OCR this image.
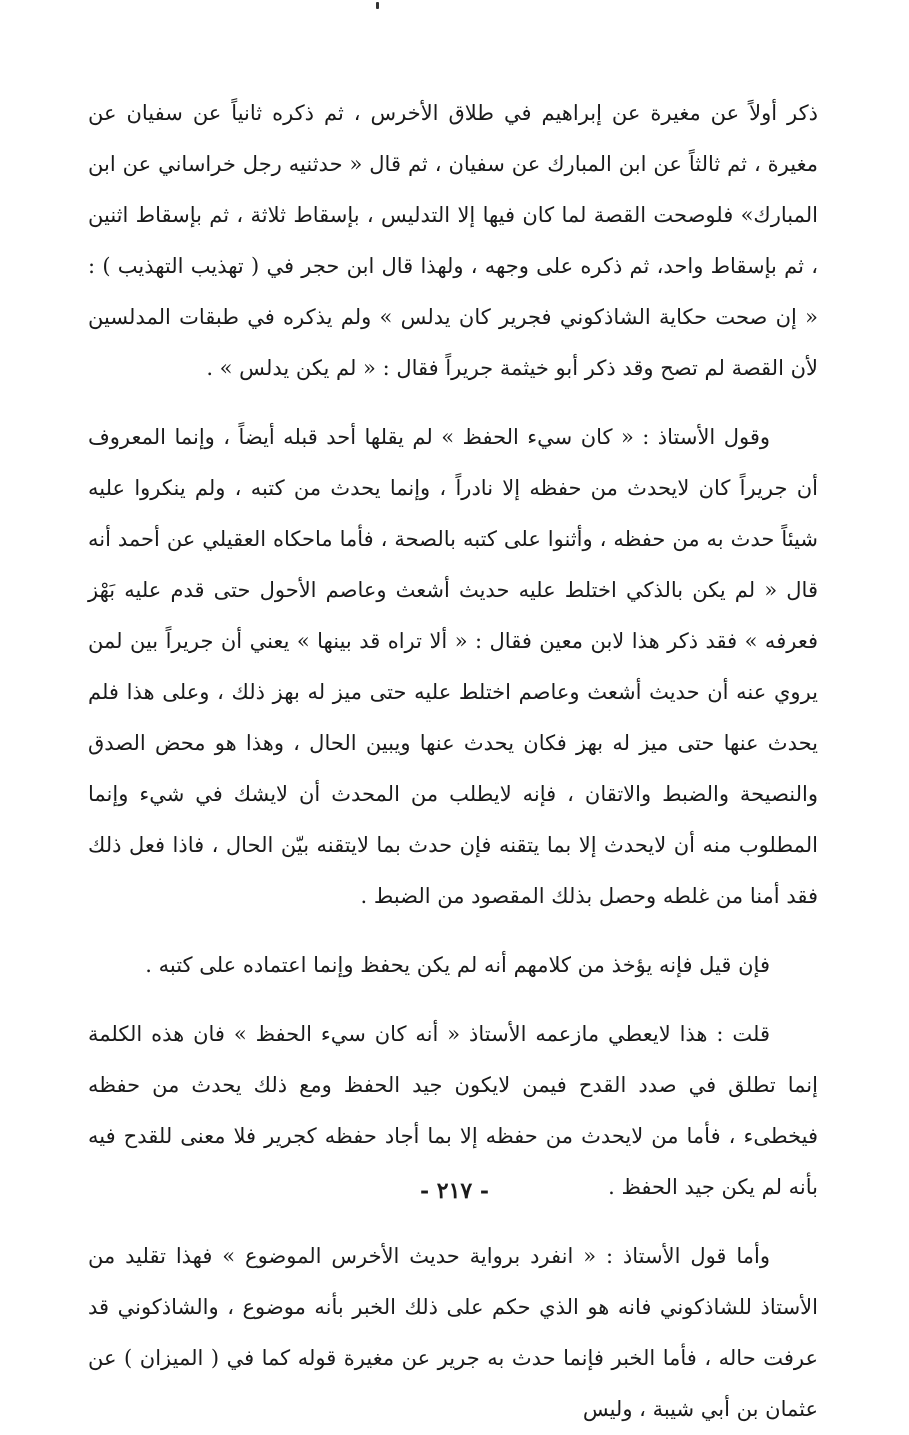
ذكر أولاً عن مغيرة عن إبراهيم في طلاق الأخرس ، ثم ذكره ثانياً عن سفيان عن مغيرة ، ثم ثالثاً عن ابن المبارك عن سفيان ، ثم قال « حدثنيه رجل خراساني عن ابن المبارك» فلوصحت القصة لما كان فيها إلا التدليس ، بإسقاط ثلاثة ، ثم بإسقاط اثنين ، ثم بإسقاط واحد، ثم ذكره على وجهه ، ولهذا قال ابن حجر في ( تهذيب التهذيب ) : « إن صحت حكاية الشاذكوني فجرير كان يدلس » ولم يذكره في طبقات المدلسين لأن القصة لم تصح وقد ذكر أبو خيثمة جريراً فقال : « لم يكن يدلس » .

وقول الأستاذ : « كان سيء الحفظ » لم يقلها أحد قبله أيضاً ، وإنما المعروف أن جريراً كان لايحدث من حفظه إلا نادراً ، وإنما يحدث من كتبه ، ولم ينكروا عليه شيئاً حدث به من حفظه ، وأثنوا على كتبه بالصحة ، فأما ماحكاه العقيلي عن أحمد أنه قال « لم يكن بالذكي اختلط عليه حديث أشعث وعاصم الأحول حتى قدم عليه بَهْز فعرفه » فقد ذكر هذا لابن معين فقال : « ألا تراه قد بينها » يعني أن جريراً بين لمن يروي عنه أن حديث أشعث وعاصم اختلط عليه حتى ميز له بهز ذلك ، وعلى هذا فلم يحدث عنها حتى ميز له بهز فكان يحدث عنها ويبين الحال ، وهذا هو محض الصدق والنصيحة والضبط والاتقان ، فإنه لايطلب من المحدث أن لايشك في شيء وإنما المطلوب منه أن لايحدث إلا بما يتقنه فإن حدث بما لايتقنه بيّن الحال ، فاذا فعل ذلك فقد أمنا من غلطه وحصل بذلك المقصود من الضبط .

فإن قيل فإنه يؤخذ من كلامهم أنه لم يكن يحفظ وإنما اعتماده على كتبه .

قلت : هذا لايعطي مازعمه الأستاذ « أنه كان سيء الحفظ » فان هذه الكلمة إنما تطلق في صدد القدح فيمن لايكون جيد الحفظ ومع ذلك يحدث من حفظه فيخطىء ، فأما من لايحدث من حفظه إلا بما أجاد حفظه كجرير فلا معنى للقدح فيه بأنه لم يكن جيد الحفظ .

وأما قول الأستاذ : « انفرد برواية حديث الأخرس الموضوع » فهذا تقليد من الأستاذ للشاذكوني فانه هو الذي حكم على ذلك الخبر بأنه موضوع ، والشاذكوني قد عرفت حاله ، فأما الخبر فإنما حدث به جرير عن مغيرة قوله كما في ( الميزان ) عن عثمان بن أبي شيبة ، وليس

- ٢١٧ -
